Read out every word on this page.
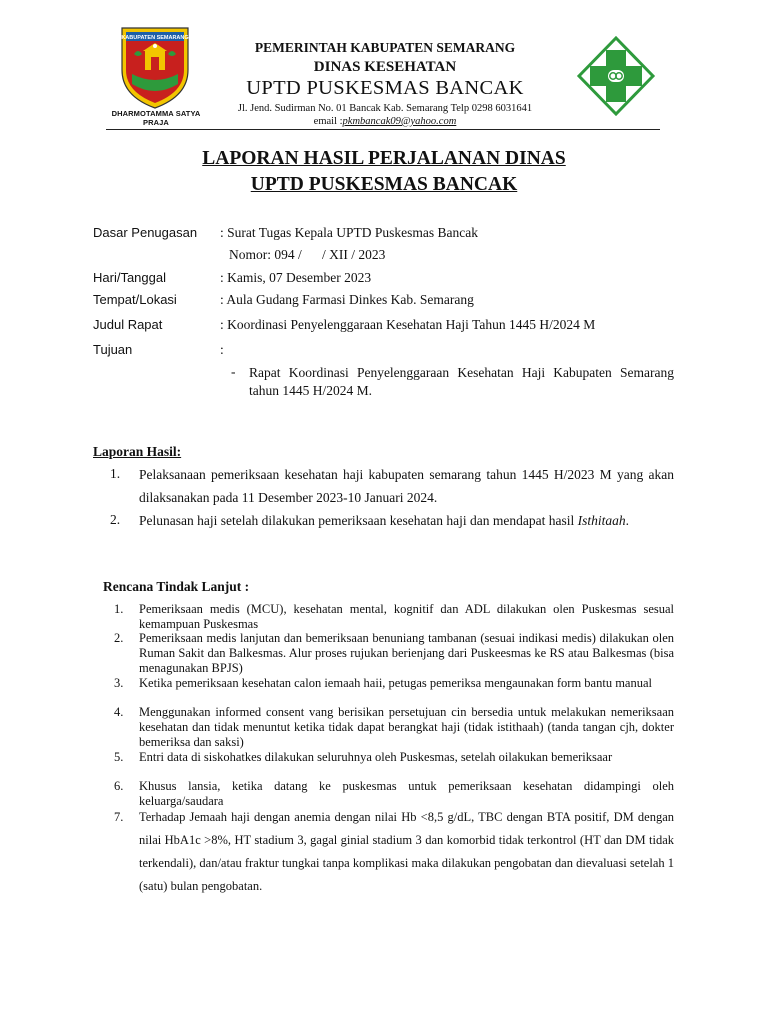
KABUPATEN SEMARANG
DHARMOTAMMA SATYA PRAJA
PEMERINTAH KABUPATEN SEMARANG
DINAS KESEHATAN
UPTD PUSKESMAS BANCAK
Jl. Jend. Sudirman No. 01 Bancak Kab. Semarang Telp 0298 6031641
email :pkmbancak09@yahoo.com
LAPORAN HASIL PERJALANAN DINAS
UPTD PUSKESMAS BANCAK
Dasar Penugasan : Surat Tugas Kepala UPTD Puskesmas Bancak
Nomor: 094 /      / XII / 2023
Hari/Tanggal	: Kamis, 07 Desember 2023
Tempat/Lokasi	: Aula Gudang Farmasi Dinkes Kab. Semarang
Judul Rapat	: Koordinasi Penyelenggaraan Kesehatan Haji Tahun 1445 H/2024 M
Tujuan	:
- Rapat Koordinasi Penyelenggaraan Kesehatan Haji Kabupaten Semarang tahun 1445 H/2024 M.
Laporan Hasil:
1. Pelaksanaan pemeriksaan kesehatan haji kabupaten semarang tahun 1445 H/2023 M yang akan dilaksanakan pada 11 Desember 2023-10 Januari 2024.
2. Pelunasan haji setelah dilakukan pemeriksaan kesehatan haji dan mendapat hasil Isthitaah.
Rencana Tindak Lanjut :
1. Pemeriksaan medis (MCU), kesehatan mental, kognitif dan ADL dilakukan olen Puskesmas sesual kemampuan Puskesmas
2. Pemeriksaan medis lanjutan dan bemeriksaan benuniang tambanan (sesuai indikasi medis) dilakukan olen Ruman Sakit dan Balkesmas. Alur proses rujukan berienjang dari Puskeesmas ke RS atau Balkesmas (bisa menagunakan BPJS)
3. Ketika pemeriksaan kesehatan calon iemaah haii, petugas pemeriksa mengaunakan form bantu manual
4. Menggunakan informed consent vang berisikan persetujuan cin bersedia untuk melakukan nemeriksaan kesehatan dan tidak menuntut ketika tidak dapat berangkat haji (tidak istithaah) (tanda tangan cjh, dokter bemeriksa dan saksi)
5. Entri data di siskohatkes dilakukan seluruhnya oleh Puskesmas, setelah oilakukan bemeriksaar
6. Khusus lansia, ketika datang ke puskesmas untuk pemeriksaan kesehatan didampingi oleh keluarga/saudara
7. Terhadap Jemaah haji dengan anemia dengan nilai Hb <8,5 g/dL, TBC dengan BTA positif, DM dengan nilai HbA1c >8%, HT stadium 3, gagal ginial stadium 3 dan komorbid tidak terkontrol (HT dan DM tidak terkendali), dan/atau fraktur tungkai tanpa komplikasi maka dilakukan pengobatan dan dievaluasi setelah 1 (satu) bulan pengobatan.
